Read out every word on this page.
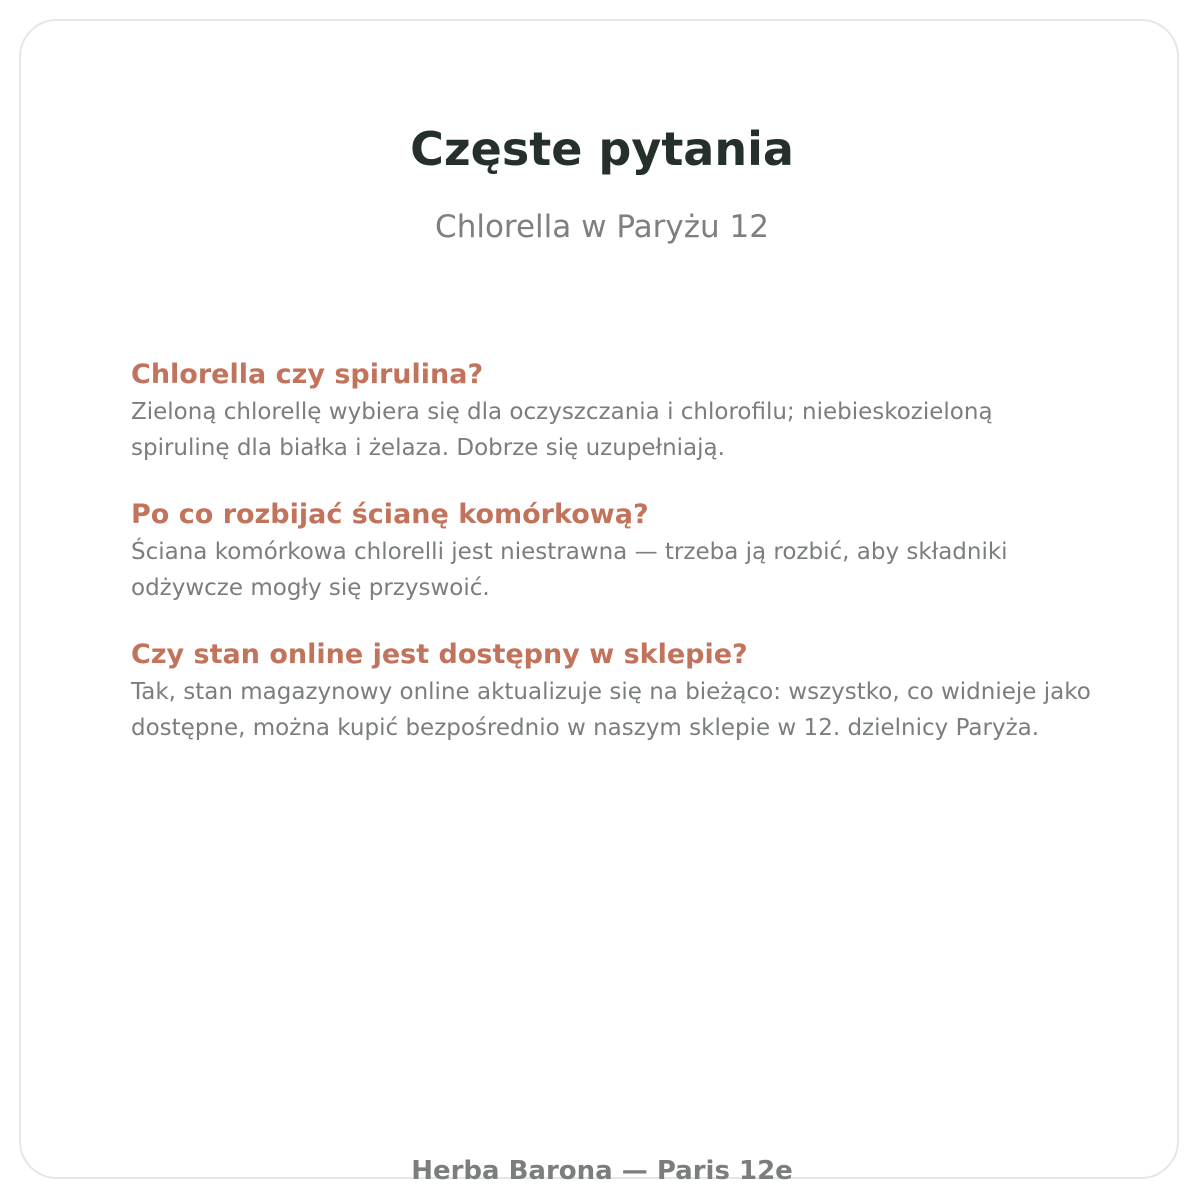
Częste pytania
Chlorella w Paryżu 12
Chlorella czy spirulina?
Zieloną chlorellę wybiera się dla oczyszczania i chlorofilu; niebieskozieloną spirulinę dla białka i żelaza. Dobrze się uzupełniają.
Po co rozbijać ścianę komórkową?
Ściana komórkowa chlorelli jest niestrawna — trzeba ją rozbić, aby składniki odżywcze mogły się przyswoić.
Czy stan online jest dostępny w sklepie?
Tak, stan magazynowy online aktualizuje się na bieżąco: wszystko, co widnieje jako dostępne, można kupić bezpośrednio w naszym sklepie w 12. dzielnicy Paryża.
Herba Barona — Paris 12e
